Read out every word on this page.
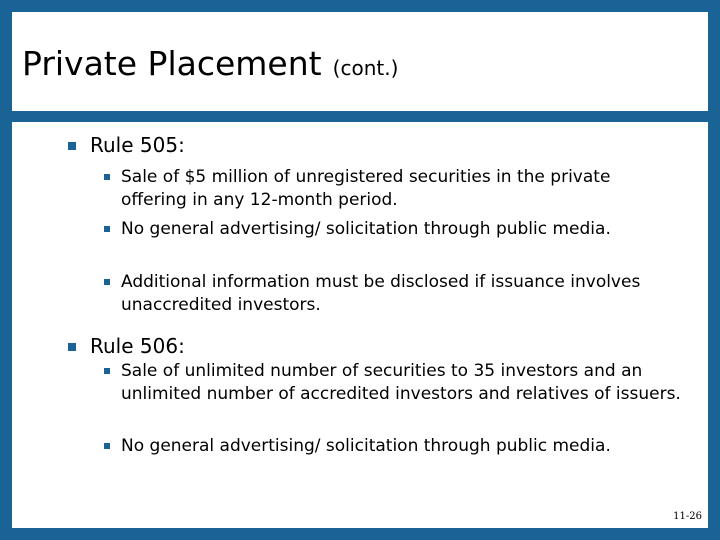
Private Placement (cont.)
Rule 505:
Sale of $5 million of unregistered securities in the private offering in any 12-month period.
No general advertising/ solicitation through public media.
Additional information must be disclosed if issuance involves unaccredited investors.
Rule 506:
Sale of unlimited number of securities to 35 investors and an unlimited number of accredited investors and relatives of issuers.
No general advertising/ solicitation through public media.
11-26
